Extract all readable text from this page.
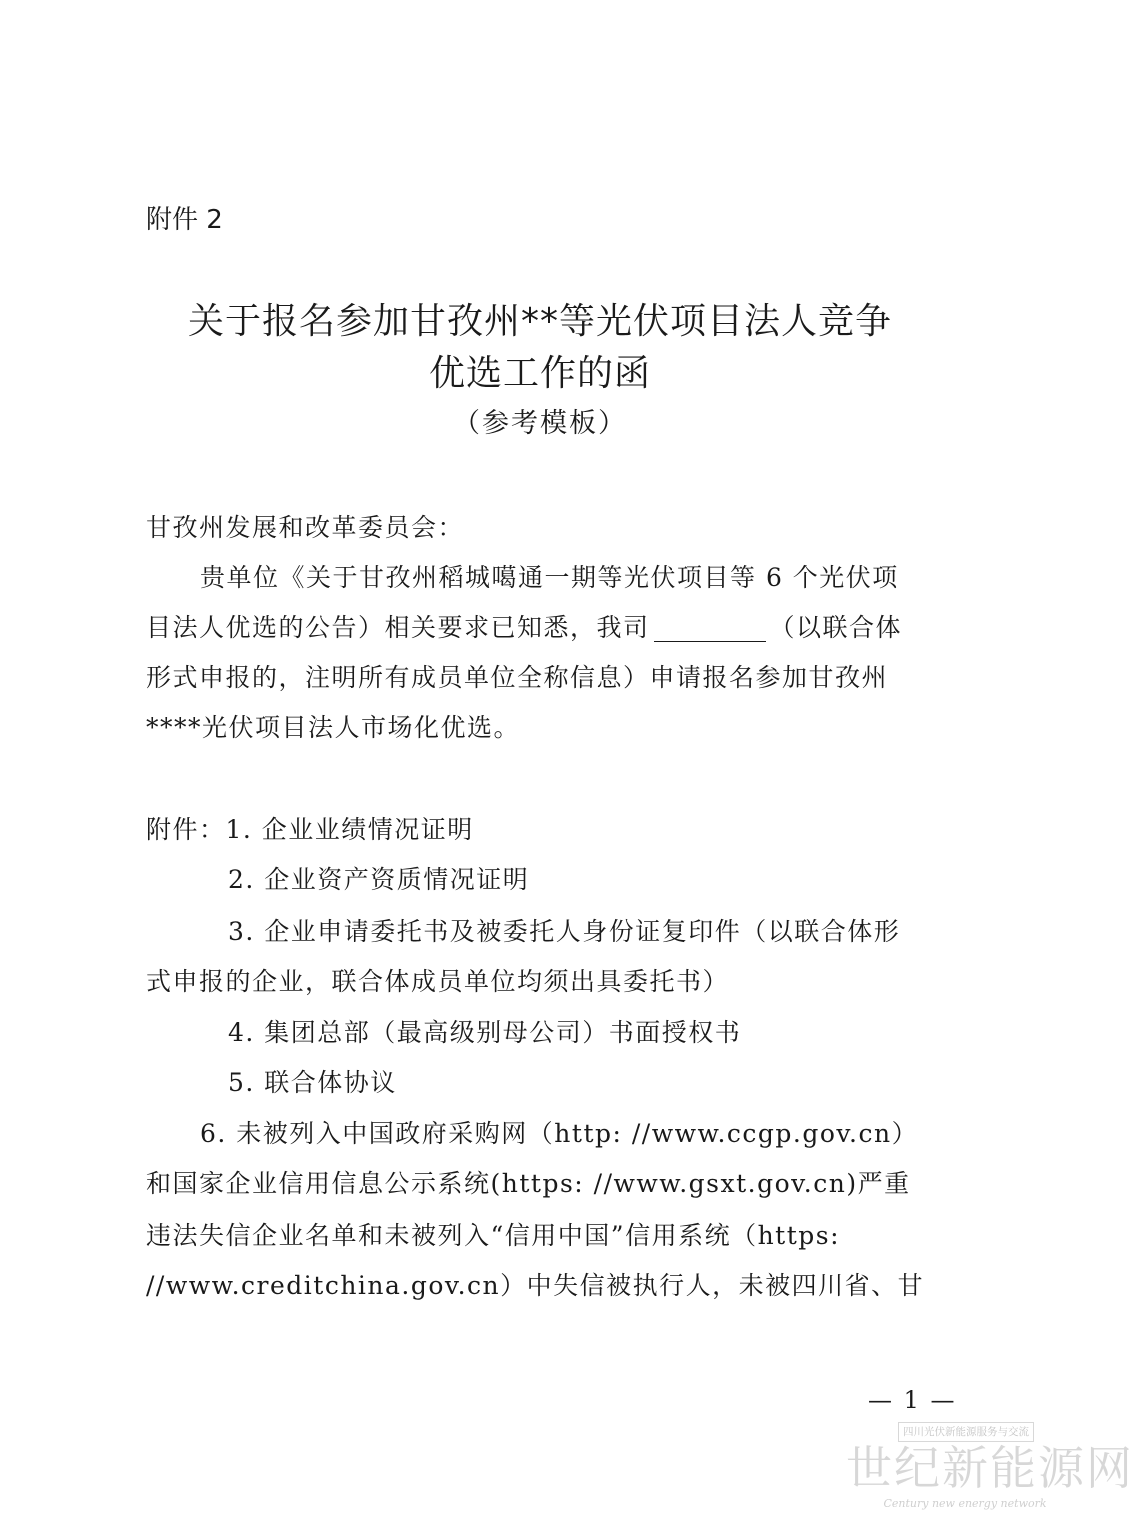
附件 2
关于报名参加甘孜州**等光伏项目法人竞争
优选工作的函
（参考模板）
甘孜州发展和改革委员会：
贵单位《关于甘孜州稻城噶通一期等光伏项目等 6 个光伏项
目法人优选的公告）相关要求已知悉，我司	（以联合体
形式申报的，注明所有成员单位全称信息）申请报名参加甘孜州
****光伏项目法人市场化优选。
附件：1. 企业业绩情况证明
2. 企业资产资质情况证明
3. 企业申请委托书及被委托人身份证复印件（以联合体形
式申报的企业，联合体成员单位均须出具委托书）
4. 集团总部（最高级别母公司）书面授权书
5. 联合体协议
6. 未被列入中国政府采购网（http: //www.ccgp.gov.cn）
和国家企业信用信息公示系统(https: //www.gsxt.gov.cn)严重
违法失信企业名单和未被列入“信用中国”信用系统（https:
//www.creditchina.gov.cn）中失信被执行人，未被四川省、甘
— 1 —
四川光伏新能源服务与交流
世纪新能源网
Century new energy network
